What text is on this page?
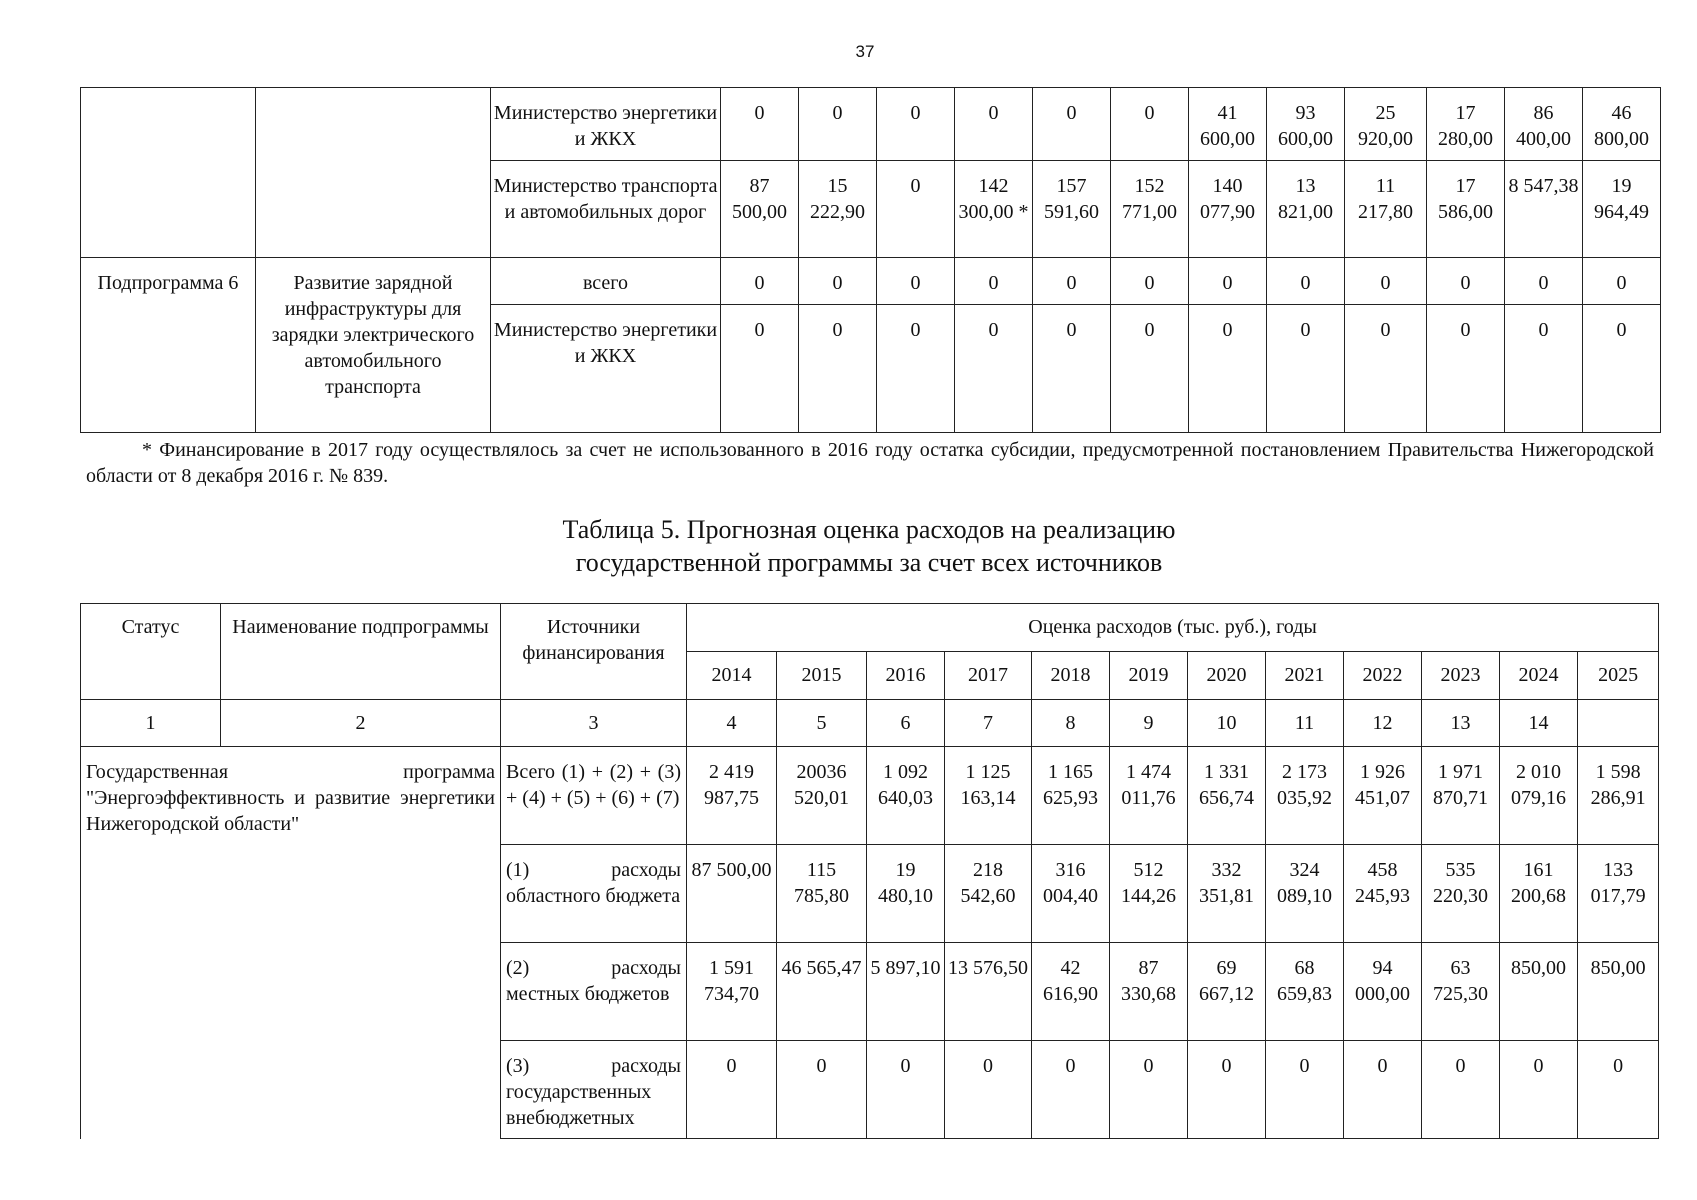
37
		Министерство энергетики и ЖКХ	0	0	0	0	0	0	41 600,00	93 600,00	25 920,00	17 280,00	86 400,00	46 800,00
		Министерство транспорта и автомобильных дорог	87 500,00	15 222,90	0	142 300,00 *	157 591,60	152 771,00	140 077,90	13 821,00	11 217,80	17 586,00	8 547,38	19 964,49
Подпрограмма 6	Развитие зарядной инфраструктуры для зарядки электрического автомобильного транспорта	всего	0	0	0	0	0	0	0	0	0	0	0	0
		Министерство энергетики и ЖКХ	0	0	0	0	0	0	0	0	0	0	0	0
* Финансирование в 2017 году осуществлялось за счет не использованного в 2016 году остатка субсидии, предусмотренной постановлением Правительства Нижегородской области от 8 декабря 2016 г. № 839.
Таблица 5. Прогнозная оценка расходов на реализацию
государственной программы за счет всех источников
Статус	Наименование подпрограммы	Источники финансирования	Оценка расходов (тыс. руб.), годы											
			2014	2015	2016	2017	2018	2019	2020	2021	2022	2023	2024	2025
1	2	3	4	5	6	7	8	9	10	11	12	13	14	
Государственная программа "Энергоэффективность и развитие энергетики Нижегородской области"		Всего (1) + (2) + (3) + (4) + (5) + (6) + (7)	2 419 987,75	20036 520,01	1 092 640,03	1 125 163,14	1 165 625,93	1 474 011,76	1 331 656,74	2 173 035,92	1 926 451,07	1 971 870,71	2 010 079,16	1 598 286,91
		(1) расходы областного бюджета	87 500,00	115 785,80	19 480,10	218 542,60	316 004,40	512 144,26	332 351,81	324 089,10	458 245,93	535 220,30	161 200,68	133 017,79
		(2) расходы местных бюджетов	1 591 734,70	46 565,47	5 897,10	13 576,50	42 616,90	87 330,68	69 667,12	68 659,83	94 000,00	63 725,30	850,00	850,00
		(3) расходы государственных внебюджетных	0	0	0	0	0	0	0	0	0	0	0	0
